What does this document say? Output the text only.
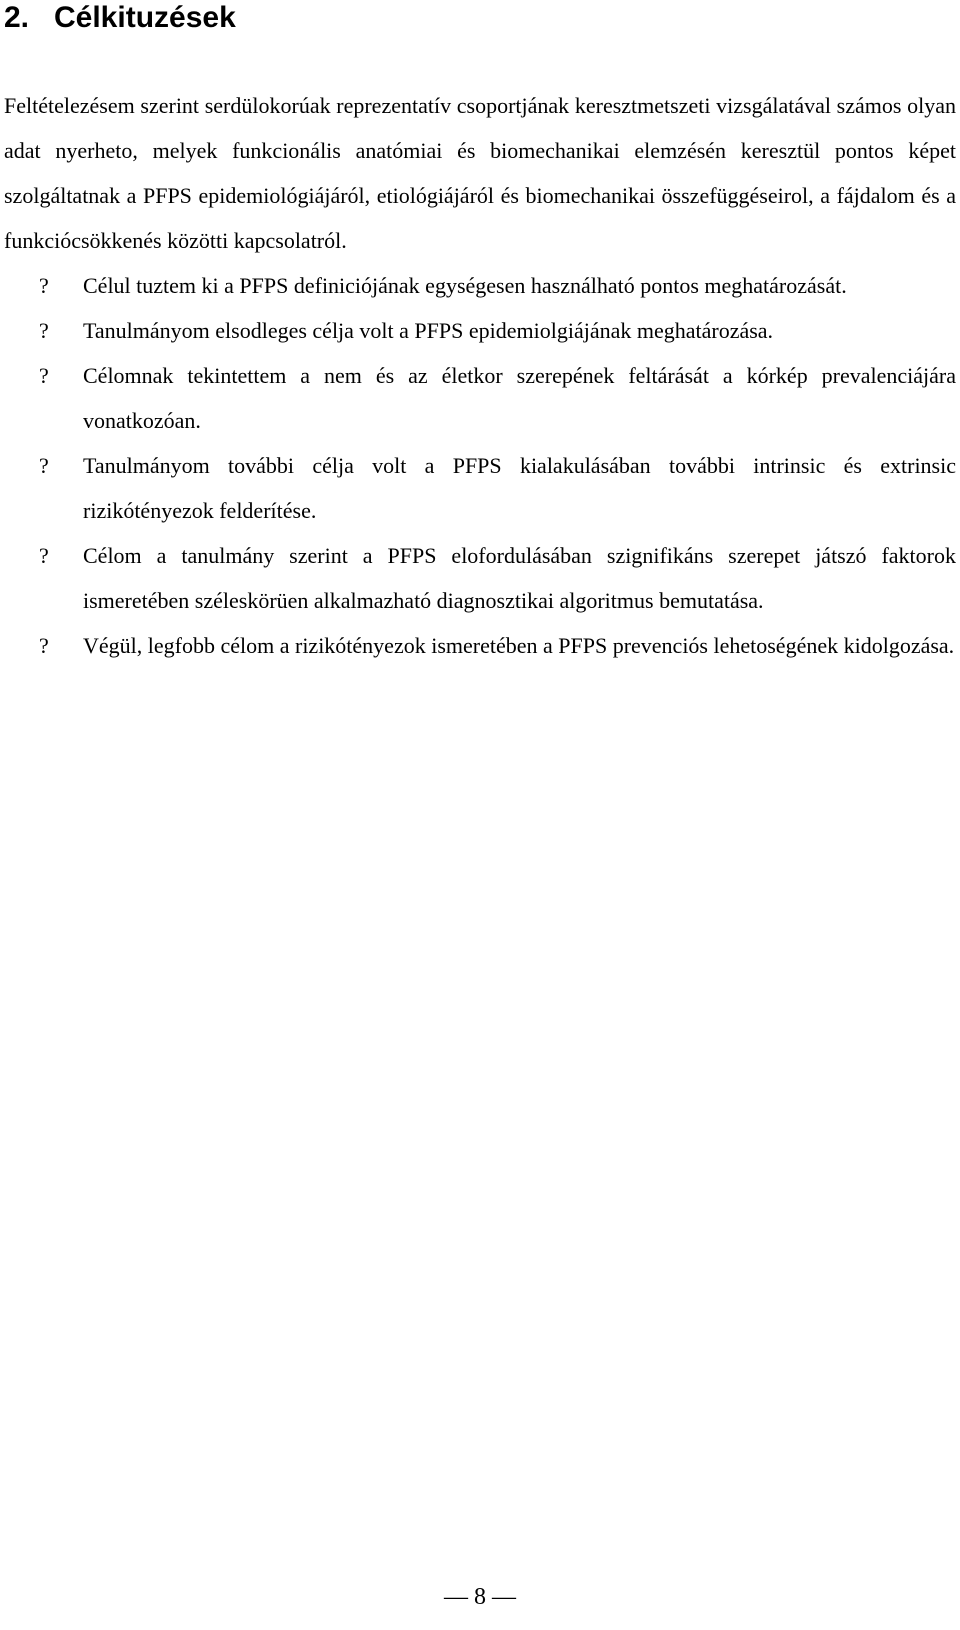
2. Célkituzések

Feltételezésem szerint serdülokorúak reprezentatív csoportjának keresztmetszeti vizsgálatával számos olyan adat nyerheto, melyek funkcionális anatómiai és biomechanikai elemzésén keresztül pontos képet szolgáltatnak a PFPS epidemiológiájáról, etiológiájáról és biomechanikai összefüggéseirol, a fájdalom és a funkciócsökkenés közötti kapcsolatról.

? Célul tuztem ki a PFPS definiciójának egységesen használható pontos meghatározását.
? Tanulmányom elsodleges célja volt a PFPS epidemiolgiájának meghatározása.
? Célomnak tekintettem a nem és az életkor szerepének feltárását a kórkép prevalenciájára vonatkozóan.
? Tanulmányom további célja volt a PFPS kialakulásában további intrinsic és extrinsic rizikótényezok felderítése.
? Célom a tanulmány szerint a PFPS elofordulásában szignifikáns szerepet játszó faktorok ismeretében széleskörüen alkalmazható diagnosztikai algoritmus bemutatása.
? Végül, legfobb célom a rizikótényezok ismeretében a PFPS prevenciós lehetoségének kidolgozása.
— 8 —
